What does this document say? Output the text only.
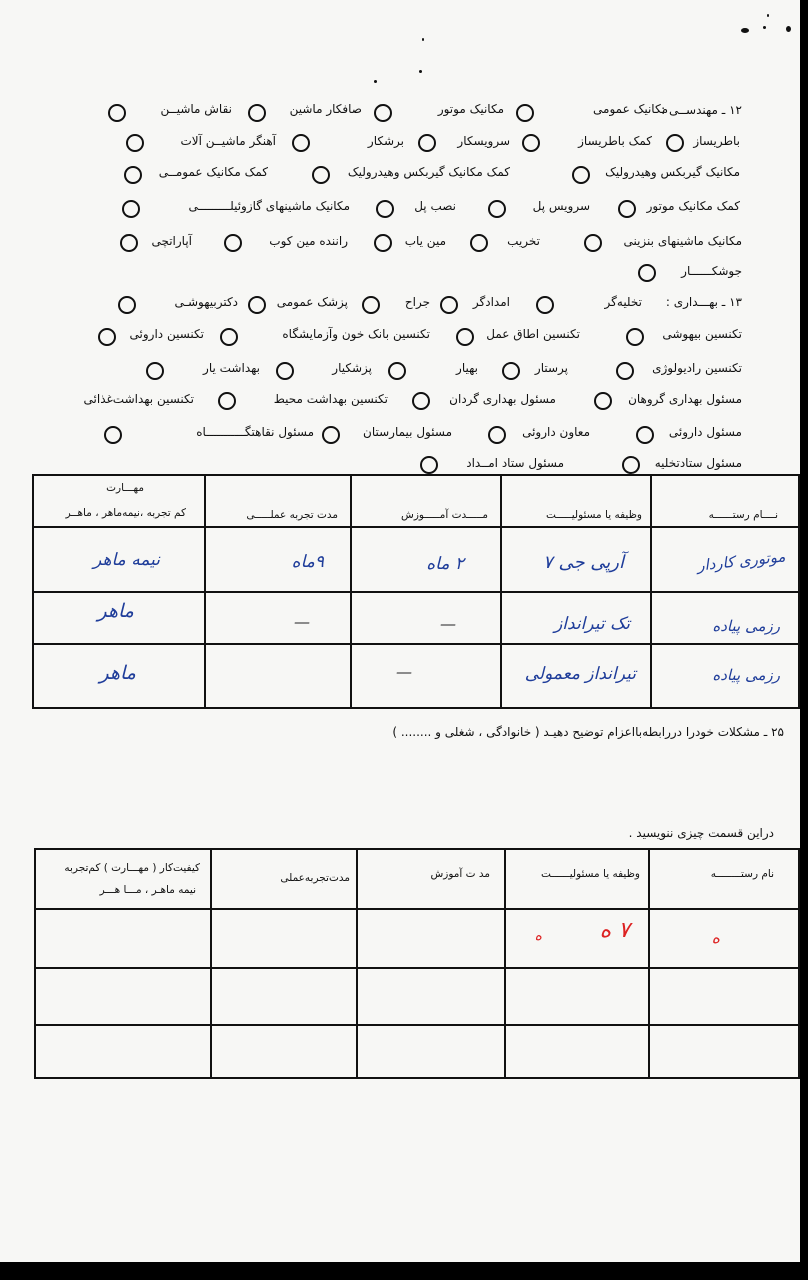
۱۲ ـ مهندســی :
مکانیک عمومی
مکانیک موتور
صافکار ماشین
نقاش ماشیــن
باطریساز
کمک باطریساز
سرویسکار
برشکار
آهنگر ماشیــن آلات
مکانیک گیربکس وهیدرولیک
کمک مکانیک گیربکس وهیدرولیک
کمک مکانیک عمومــی
کمک مکانیک موتور
سرویس پل
نصب پل
مکانیک ماشینهای گازوئیلـــــــــی
مکانیک ماشینهای بنزینی
تخریب
مین یاب
راننده مین کوب
آپاراتچی
جوشکــــــار
۱۳ ـ بهـــداری :
تخلیه‌گر
امدادگر
جراح
پزشک عمومی
دکتربیهوشـی
تکنسین بیهوشی
تکنسین اطاق عمل
تکنسین بانک خون وآزمایشگاه
تکنسین داروئی
تکنسین رادیولوژی
پرستار
بهیار
پزشکیار
بهداشت یار
مسئول بهداری گروهان
مسئول بهداری گردان
تکنسین بهداشت محیط
تکنسین بهداشت‌غذائی
مسئول داروئی
معاون داروئی
مسئول بیمارستان
مسئول نقاهتگـــــــــــاه
مسئول ستادتخلیه
مسئول ستاد امــداد
نــــام رستــــــه
وظیفه یا مسئولیـــــت
مـــــدت آمـــــوزش
مدت تجربه عملـــــی
مهـــارت
کم تجربه ،نیمه‌ماهر ، ماهــر
موتوری کاردار
آرپی جی ۷
۲ ماه
۹ماه
نیمه ماهر
رزمی پیاده
تک تیرانداز
—
—
ماهر
رزمی پیاده
تیرانداز معمولی
—
ماهر
۲۵ ـ مشکلات خودرا دررابطه‌بااعزام توضیح دهیـد ( خانوادگی ، شغلی و ........ )
دراین قسمت چیزی ننویسید .
نام رستــــــــه
وظیفه یا مسئولیــــــت
مد ت آموزش
مدت‌تجربه‌عملی
کیفیت‌کار ( مهـــارت ) کم‌تجربه
نیمه ماهـر ، مـــا هـــر
ه
۷ ه
ه
